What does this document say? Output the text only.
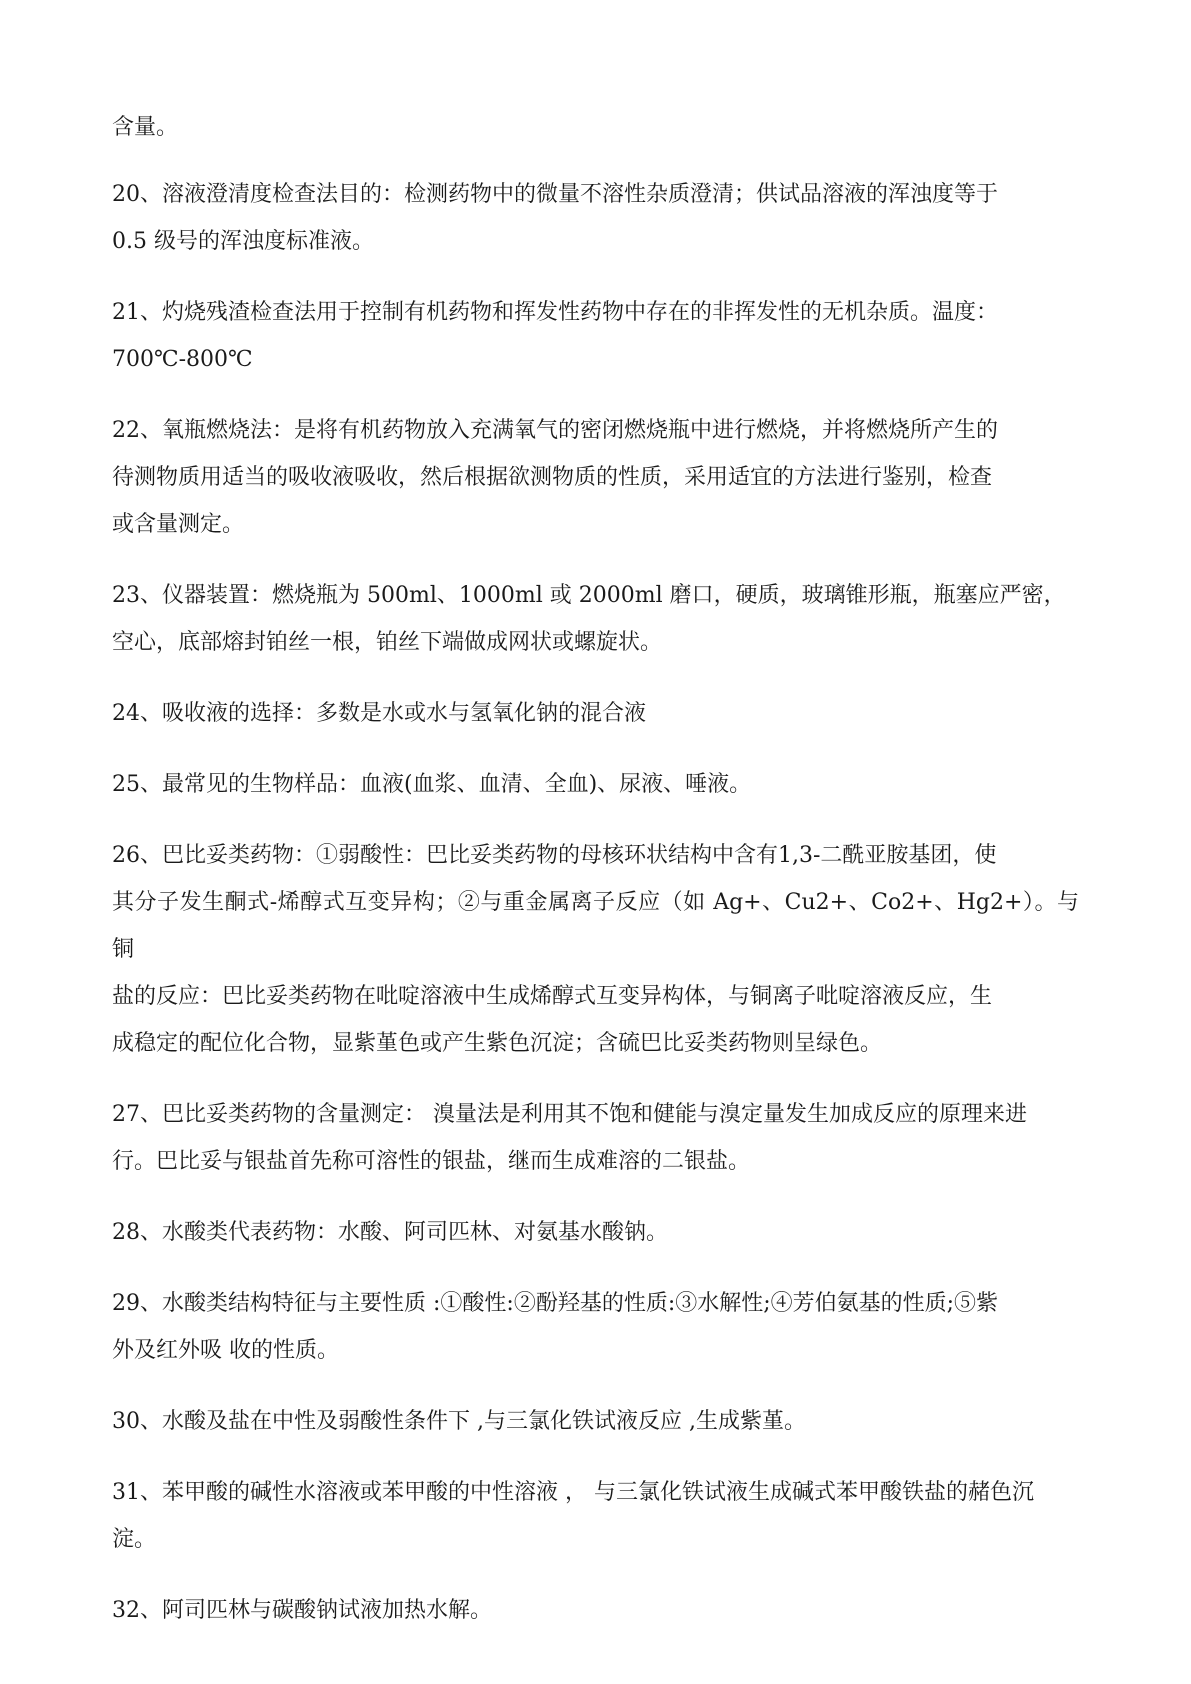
含量。

20、溶液澄清度检查法目的：检测药物中的微量不溶性杂质澄清；供试品溶液的浑浊度等于
0.5 级号的浑浊度标准液。

21、灼烧残渣检查法用于控制有机药物和挥发性药物中存在的非挥发性的无机杂质。温度：
700℃-800℃

22、氧瓶燃烧法：是将有机药物放入充满氧气的密闭燃烧瓶中进行燃烧，并将燃烧所产生的
待测物质用适当的吸收液吸收，然后根据欲测物质的性质，采用适宜的方法进行鉴别，检查
或含量测定。

23、仪器装置：燃烧瓶为 500ml、1000ml 或 2000ml 磨口，硬质，玻璃锥形瓶，瓶塞应严密，
空心，底部熔封铂丝一根，铂丝下端做成网状或螺旋状。

24、吸收液的选择：多数是水或水与氢氧化钠的混合液

25、最常见的生物样品：血液(血浆、血清、全血)、尿液、唾液。

26、巴比妥类药物：①弱酸性：巴比妥类药物的母核环状结构中含有1,3-二酰亚胺基团，使
其分子发生酮式-烯醇式互变异构；②与重金属离子反应（如 Ag+、Cu2+、Co2+、Hg2+）。与铜
盐的反应：巴比妥类药物在吡啶溶液中生成烯醇式互变异构体，与铜离子吡啶溶液反应，生
成稳定的配位化合物，显紫堇色或产生紫色沉淀；含硫巴比妥类药物则呈绿色。

27、巴比妥类药物的含量测定： 溴量法是利用其不饱和健能与溴定量发生加成反应的原理来进
行。巴比妥与银盐首先称可溶性的银盐，继而生成难溶的二银盐。

28、水酸类代表药物：水酸、阿司匹林、对氨基水酸钠。

29、水酸类结构特征与主要性质 :①酸性:②酚羟基的性质:③水解性;④芳伯氨基的性质;⑤紫
外及红外吸 收的性质。

30、水酸及盐在中性及弱酸性条件下 ,与三氯化铁试液反应 ,生成紫堇。

31、苯甲酸的碱性水溶液或苯甲酸的中性溶液 ， 与三氯化铁试液生成碱式苯甲酸铁盐的赭色沉
淀。

32、阿司匹林与碳酸钠试液加热水解。
